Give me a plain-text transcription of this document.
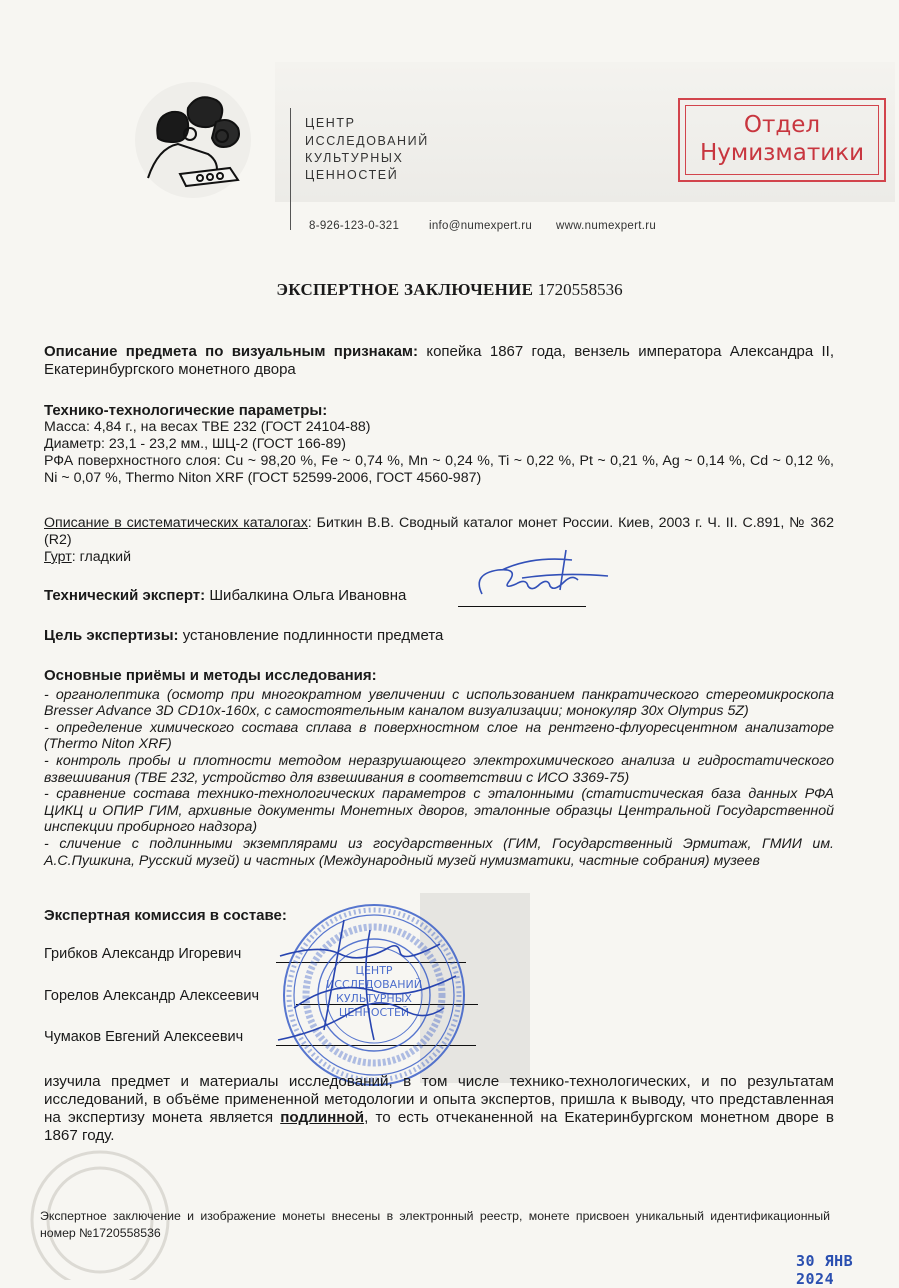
ЦЕНТР
ИССЛЕДОВАНИЙ
КУЛЬТУРНЫХ
ЦЕННОСТЕЙ
8-926-123-0-321	info@numexpert.ru www.numexpert.ru
Отдел
Нумизматики
ЭКСПЕРТНОЕ ЗАКЛЮЧЕНИЕ 1720558536
Описание предмета по визуальным признакам: копейка 1867 года, вензель императора Александра II, Екатеринбургского монетного двора
Технико-технологические параметры:
Масса: 4,84 г., на весах ТВЕ 232 (ГОСТ 24104-88)
Диаметр: 23,1 - 23,2 мм., ШЦ-2 (ГОСТ 166-89)
РФА поверхностного слоя: Cu ~ 98,20 %, Fe ~ 0,74 %, Mn ~ 0,24 %, Ti ~ 0,22 %, Pt ~ 0,21 %, Ag ~ 0,14 %, Cd ~ 0,12 %, Ni ~ 0,07 %, Thermo Niton XRF (ГОСТ 52599-2006, ГОСТ 4560-987)
Описание в систематических каталогах: Биткин В.В. Сводный каталог монет России. Киев, 2003 г. Ч. II. С.891, № 362 (R2)
Гурт: гладкий
Технический эксперт: Шибалкина Ольга Ивановна
Цель экспертизы: установление подлинности предмета
Основные приёмы и методы исследования:
- органолептика (осмотр при многократном увеличении с использованием панкратического стереомикроскопа Bresser Advance 3D CD10x-160x, с самостоятельным каналом визуализации; монокуляр 30x Olympus 5Z)
- определение химического состава сплава в поверхностном слое на рентгено-флуоресцентном анализаторе (Thermo Niton XRF)
- контроль пробы и плотности методом неразрушающего электрохимического анализа и гидростатического взвешивания (ТВЕ 232, устройство для взвешивания в соответствии с ИСО 3369-75)
- сравнение состава технико-технологических параметров с эталонными (статистическая база данных РФА ЦИКЦ и ОПИР ГИМ, архивные документы Монетных дворов, эталонные образцы Центральной Государственной инспекции пробирного надзора)
- сличение с подлинными экземплярами из государственных (ГИМ, Государственный Эрмитаж, ГМИИ им. А.С.Пушкина, Русский музей) и частных (Международный музей нумизматики, частные собрания) музеев
Экспертная комиссия в составе:
Грибков Александр Игоревич
Горелов Александр Алексеевич
Чумаков Евгений Алексеевич
ЦЕНТР
ИССЛЕДОВАНИЙ
КУЛЬТУРНЫХ
ЦЕННОСТЕЙ
изучила предмет и материалы исследований, в том числе технико-технологических, и по результатам исследований, в объёме примененной методологии и опыта экспертов, пришла к выводу, что представленная на экспертизу монета является подлинной, то есть отчеканенной на Екатеринбургском монетном дворе в 1867 году.
Экспертное заключение и изображение монеты внесены в электронный реестр, монете присвоен уникальный идентификационный номер №1720558536
30 ЯНВ 2024
